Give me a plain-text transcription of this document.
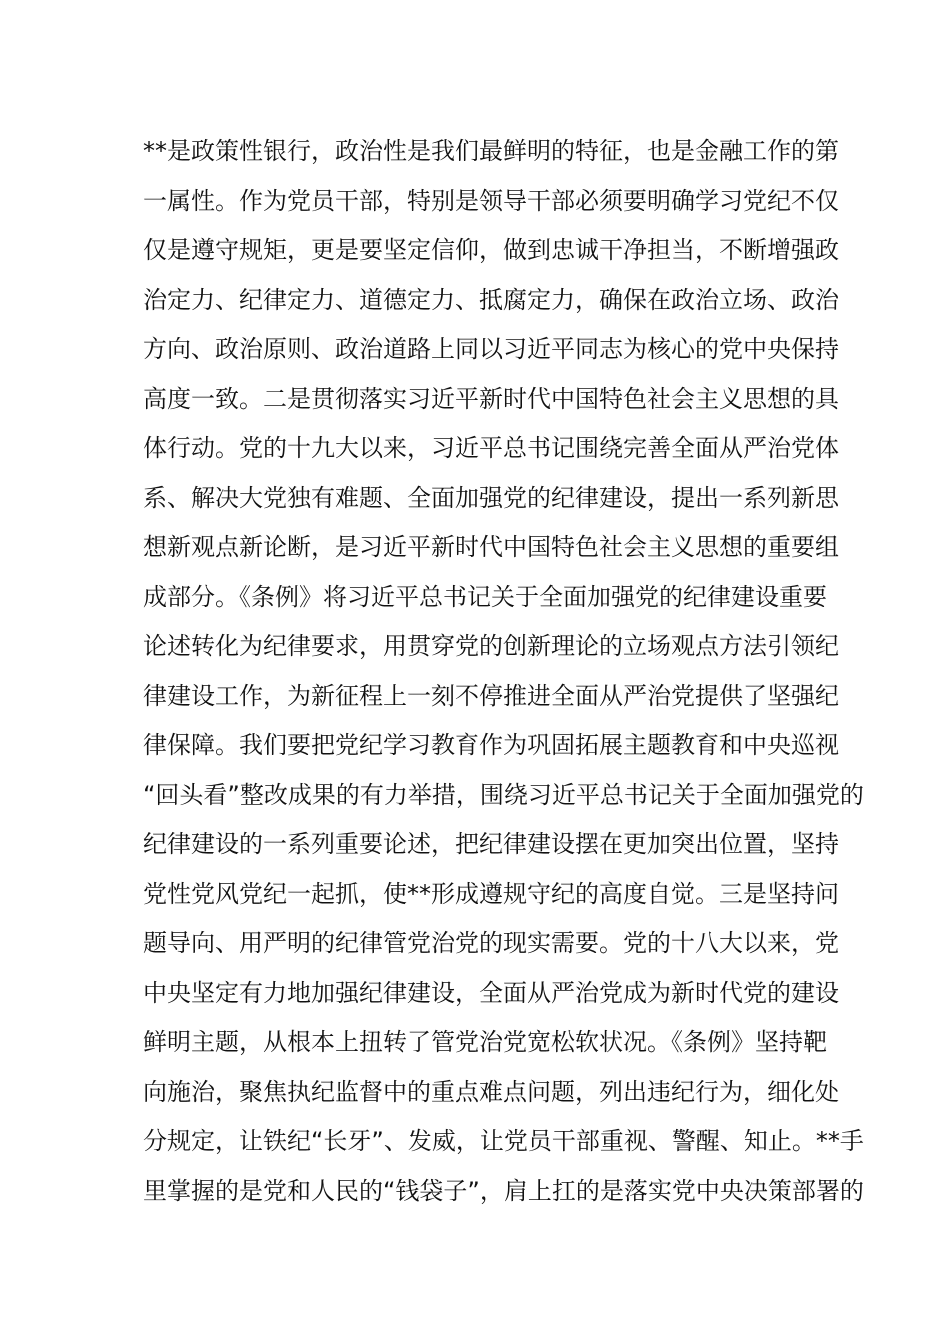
**是政策性银行，政治性是我们最鲜明的特征，也是金融工作的第
一属性。作为党员干部，特别是领导干部必须要明确学习党纪不仅
仅是遵守规矩，更是要坚定信仰，做到忠诚干净担当，不断增强政
治定力、纪律定力、道德定力、抵腐定力，确保在政治立场、政治
方向、政治原则、政治道路上同以习近平同志为核心的党中央保持
高度一致。二是贯彻落实习近平新时代中国特色社会主义思想的具
体行动。党的十九大以来，习近平总书记围绕完善全面从严治党体
系、解决大党独有难题、全面加强党的纪律建设，提出一系列新思
想新观点新论断，是习近平新时代中国特色社会主义思想的重要组
成部分。《条例》将习近平总书记关于全面加强党的纪律建设重要
论述转化为纪律要求，用贯穿党的创新理论的立场观点方法引领纪
律建设工作，为新征程上一刻不停推进全面从严治党提供了坚强纪
律保障。我们要把党纪学习教育作为巩固拓展主题教育和中央巡视
“回头看”整改成果的有力举措，围绕习近平总书记关于全面加强党的
纪律建设的一系列重要论述，把纪律建设摆在更加突出位置，坚持
党性党风党纪一起抓，使**形成遵规守纪的高度自觉。三是坚持问
题导向、用严明的纪律管党治党的现实需要。党的十八大以来，党
中央坚定有力地加强纪律建设，全面从严治党成为新时代党的建设
鲜明主题，从根本上扭转了管党治党宽松软状况。《条例》坚持靶
向施治，聚焦执纪监督中的重点难点问题，列出违纪行为，细化处
分规定，让铁纪“长牙”、发威，让党员干部重视、警醒、知止。**手
里掌握的是党和人民的“钱袋子”，肩上扛的是落实党中央决策部署的
